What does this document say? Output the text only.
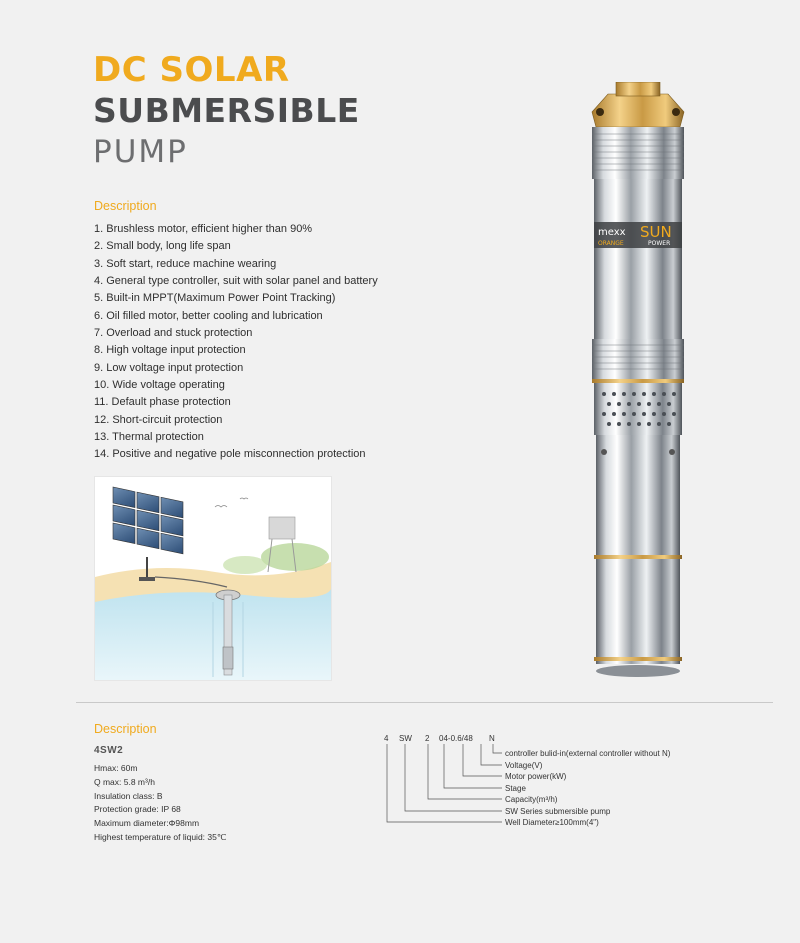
DC SOLAR
SUBMERSIBLE
PUMP
Description
1. Brushless motor, efficient higher than 90%
2. Small body, long life span
3. Soft start, reduce machine wearing
4. General type controller, suit with solar panel and battery
5. Built-in MPPT(Maximum Power Point Tracking)
6. Oil filled motor, better cooling and lubrication
7. Overload and stuck protection
8. High voltage input protection
9. Low voltage input protection
10. Wide voltage operating
11. Default phase protection
12. Short-circuit protection
13. Thermal protection
14. Positive and negative pole misconnection protection
mexx SUN
ORANGE	POWER
Description
4SW2
Hmax: 60m
Q max: 5.8 m³/h
Insulation class: B
Protection grade: IP 68
Maximum diameter:Φ98mm
Highest temperature of liquid: 35℃
4 SW 2 04-0.6/48 N
controller bulid-in(external controller without N)
Voltage(V)
Motor power(kW)
Stage
Capacity(m³/h)
SW Series submersible pump
Well Diameter≥100mm(4")
